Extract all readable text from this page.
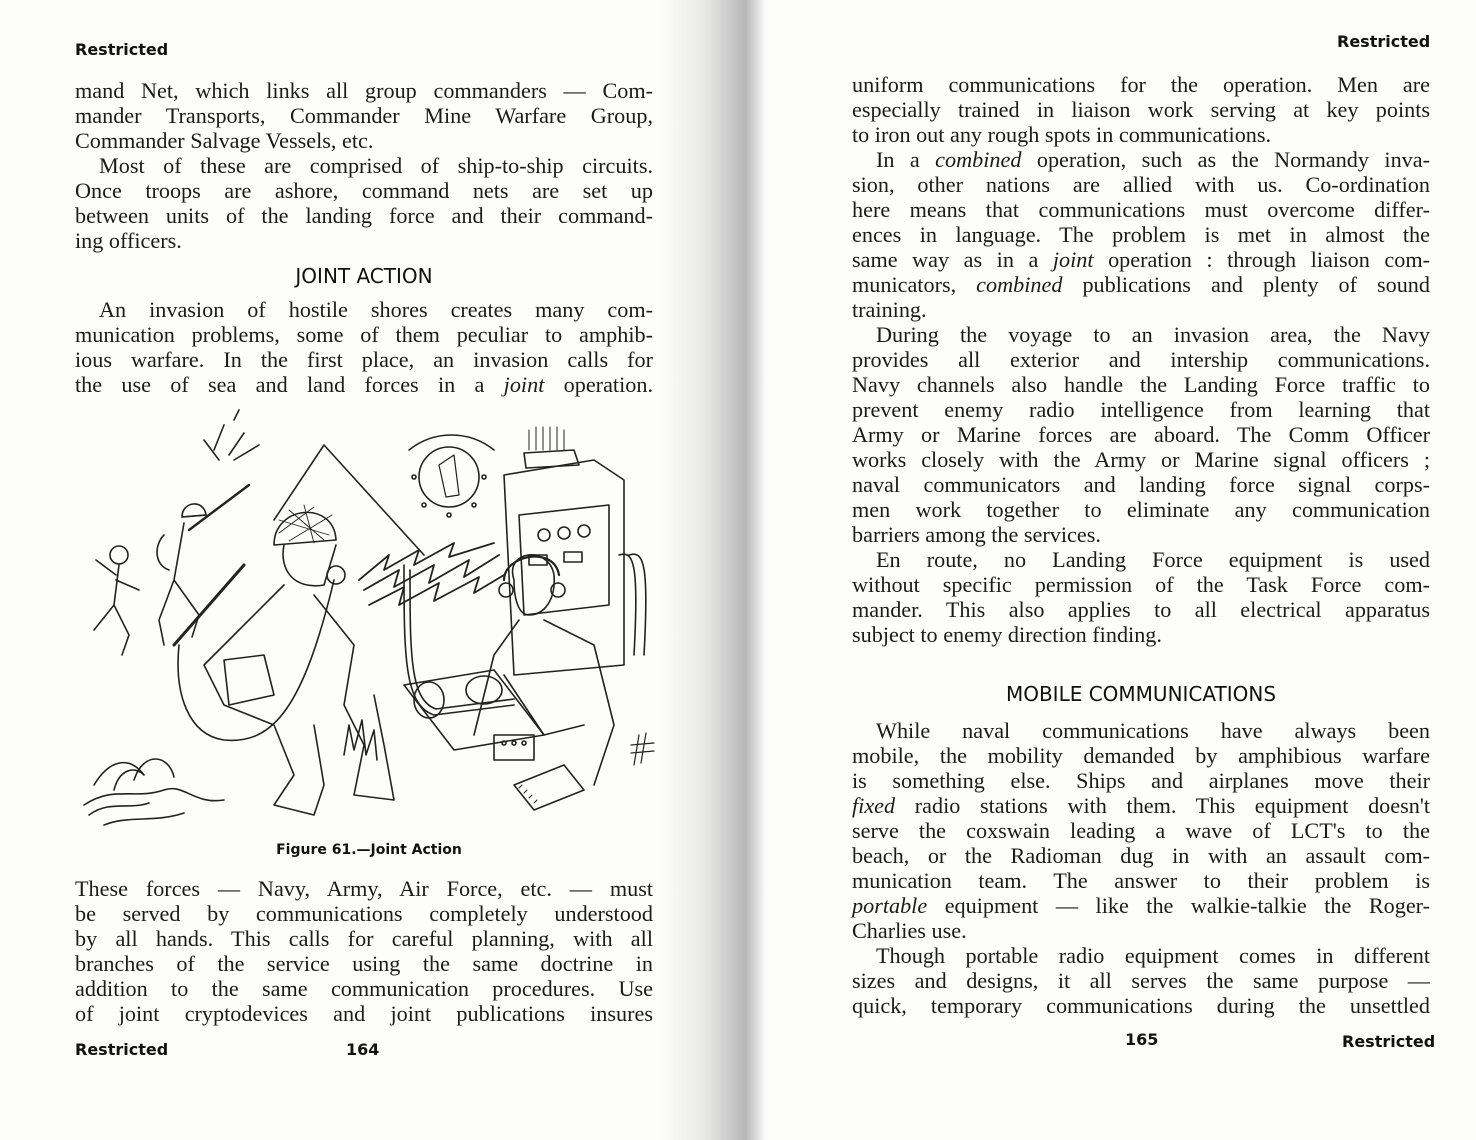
Restricted

mand Net, which links all group commanders — Com-
mander Transports, Commander Mine Warfare Group,
Commander Salvage Vessels, etc.

Most of these are comprised of ship-to-ship circuits.
Once troops are ashore, command nets are set up
between units of the landing force and their command-
ing officers.

JOINT ACTION

An invasion of hostile shores creates many com-
munication problems, some of them peculiar to amphib-
ious warfare. In the first place, an invasion calls for
the use of sea and land forces in a joint operation.

Figure 61.—Joint Action

These forces — Navy, Army, Air Force, etc. — must
be served by communications completely understood
by all hands. This calls for careful planning, with all
branches of the service using the same doctrine in
addition to the same communication procedures. Use
of joint cryptodevices and joint publications insures

Restricted	164
Restricted

uniform communications for the operation. Men are
especially trained in liaison work serving at key points
to iron out any rough spots in communications.

In a combined operation, such as the Normandy inva-
sion, other nations are allied with us. Co-ordination
here means that communications must overcome differ-
ences in language. The problem is met in almost the
same way as in a joint operation : through liaison com-
municators, combined publications and plenty of sound
training.

During the voyage to an invasion area, the Navy
provides all exterior and intership communications.
Navy channels also handle the Landing Force traffic to
prevent enemy radio intelligence from learning that
Army or Marine forces are aboard. The Comm Officer
works closely with the Army or Marine signal officers ;
naval communicators and landing force signal corps-
men work together to eliminate any communication
barriers among the services.

En route, no Landing Force equipment is used
without specific permission of the Task Force com-
mander. This also applies to all electrical apparatus
subject to enemy direction finding.

MOBILE COMMUNICATIONS

While naval communications have always been
mobile, the mobility demanded by amphibious warfare
is something else. Ships and airplanes move their
fixed radio stations with them. This equipment doesn't
serve the coxswain leading a wave of LCT's to the
beach, or the Radioman dug in with an assault com-
munication team. The answer to their problem is
portable equipment — like the walkie-talkie the Roger-
Charlies use.

Though portable radio equipment comes in different
sizes and designs, it all serves the same purpose —
quick, temporary communications during the unsettled

165	Restricted
